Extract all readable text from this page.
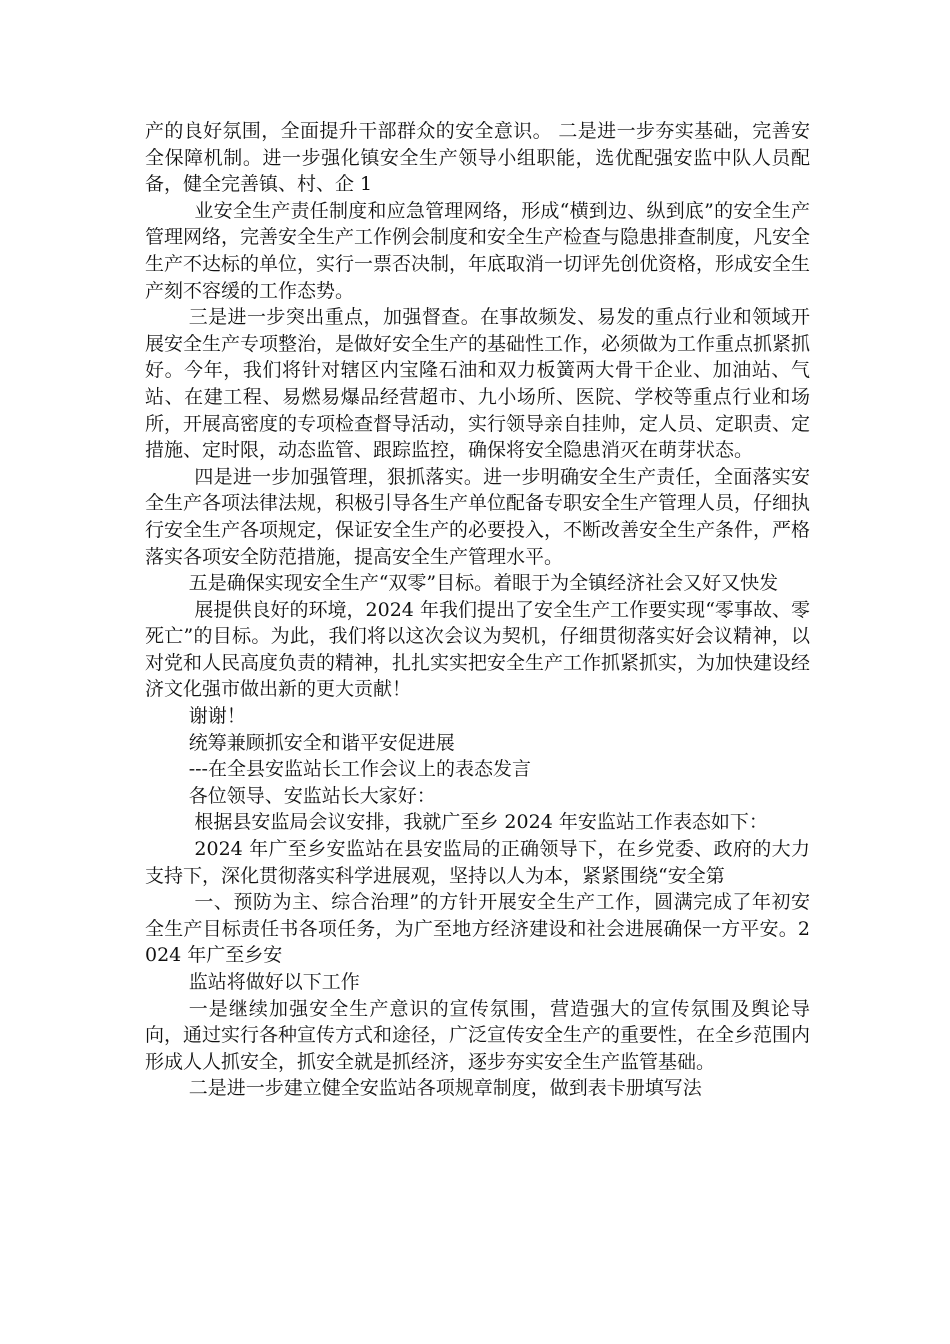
产的良好氛围，全面提升干部群众的安全意识。 二是进一步夯实基础，完善安全保障机制。进一步强化镇安全生产领导小组职能，选优配强安监中队人员配备，健全完善镇、村、企 1

业安全生产责任制度和应急管理网络，形成“横到边、纵到底”的安全生产管理网络，完善安全生产工作例会制度和安全生产检查与隐患排查制度，凡安全生产不达标的单位，实行一票否决制，年底取消一切评先创优资格，形成安全生产刻不容缓的工作态势。

三是进一步突出重点，加强督查。在事故频发、易发的重点行业和领域开展安全生产专项整治，是做好安全生产的基础性工作，必须做为工作重点抓紧抓好。今年，我们将针对辖区内宝隆石油和双力板簧两大骨干企业、加油站、气站、在建工程、易燃易爆品经营超市、九小场所、医院、学校等重点行业和场所，开展高密度的专项检查督导活动，实行领导亲自挂帅，定人员、定职责、定措施、定时限，动态监管、跟踪监控，确保将安全隐患消灭在萌芽状态。

四是进一步加强管理，狠抓落实。进一步明确安全生产责任，全面落实安全生产各项法律法规，积极引导各生产单位配备专职安全生产管理人员，仔细执行安全生产各项规定，保证安全生产的必要投入，不断改善安全生产条件，严格落实各项安全防范措施，提高安全生产管理水平。

五是确保实现安全生产“双零”目标。着眼于为全镇经济社会又好又快发

展提供良好的环境，2024 年我们提出了安全生产工作要实现“零事故、零死亡”的目标。为此，我们将以这次会议为契机，仔细贯彻落实好会议精神，以对党和人民高度负责的精神，扎扎实实把安全生产工作抓紧抓实，为加快建设经济文化强市做出新的更大贡献！

谢谢！

统筹兼顾抓安全和谐平安促进展

---在全县安监站长工作会议上的表态发言

各位领导、安监站长大家好：

根据县安监局会议安排，我就广至乡 2024 年安监站工作表态如下：

2024 年广至乡安监站在县安监局的正确领导下，在乡党委、政府的大力支持下，深化贯彻落实科学进展观，坚持以人为本，紧紧围绕“安全第

一、预防为主、综合治理”的方针开展安全生产工作，圆满完成了年初安全生产目标责任书各项任务，为广至地方经济建设和社会进展确保一方平安。2024 年广至乡安

监站将做好以下工作

一是继续加强安全生产意识的宣传氛围，营造强大的宣传氛围及舆论导向，通过实行各种宣传方式和途径，广泛宣传安全生产的重要性，在全乡范围内形成人人抓安全，抓安全就是抓经济，逐步夯实安全生产监管基础。

二是进一步建立健全安监站各项规章制度，做到表卡册填写法
